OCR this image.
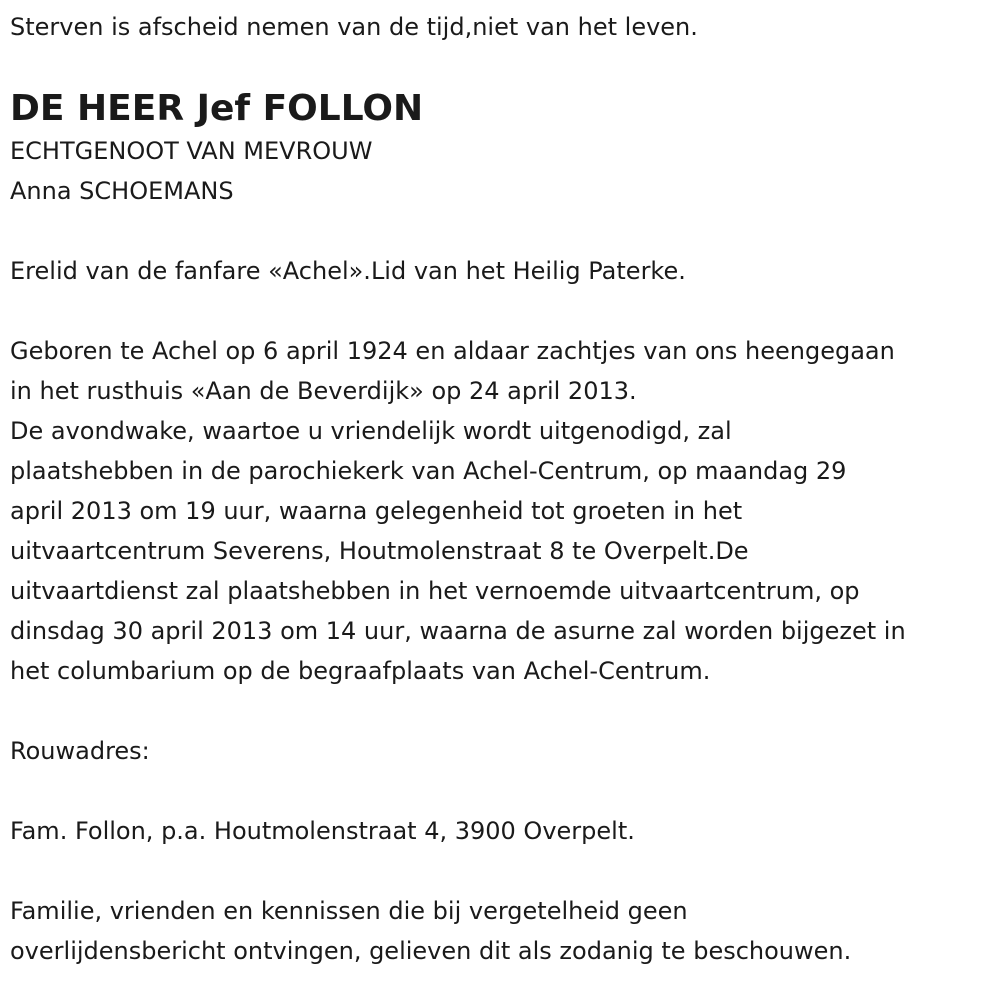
Sterven is afscheid nemen van de tijd,niet van het leven.
DE HEER Jef FOLLON
ECHTGENOOT VAN MEVROUW
Anna SCHOEMANS
Erelid van de fanfare «Achel».Lid van het Heilig Paterke.
Geboren te Achel op 6 april 1924 en aldaar zachtjes van ons heengegaan
in het rusthuis «Aan de Beverdijk» op 24 april 2013.
De avondwake, waartoe u vriendelijk wordt uitgenodigd, zal
plaatshebben in de parochiekerk van Achel-Centrum, op maandag 29
april 2013 om 19 uur, waarna gelegenheid tot groeten in het
uitvaartcentrum Severens, Houtmolenstraat 8 te Overpelt.De
uitvaartdienst zal plaatshebben in het vernoemde uitvaartcentrum, op
dinsdag 30 april 2013 om 14 uur, waarna de asurne zal worden bijgezet in
het columbarium op de begraafplaats van Achel-Centrum.
Rouwadres:
Fam. Follon, p.a. Houtmolenstraat 4, 3900 Overpelt.
Familie, vrienden en kennissen die bij vergetelheid geen
overlijdensbericht ontvingen, gelieven dit als zodanig te beschouwen.
